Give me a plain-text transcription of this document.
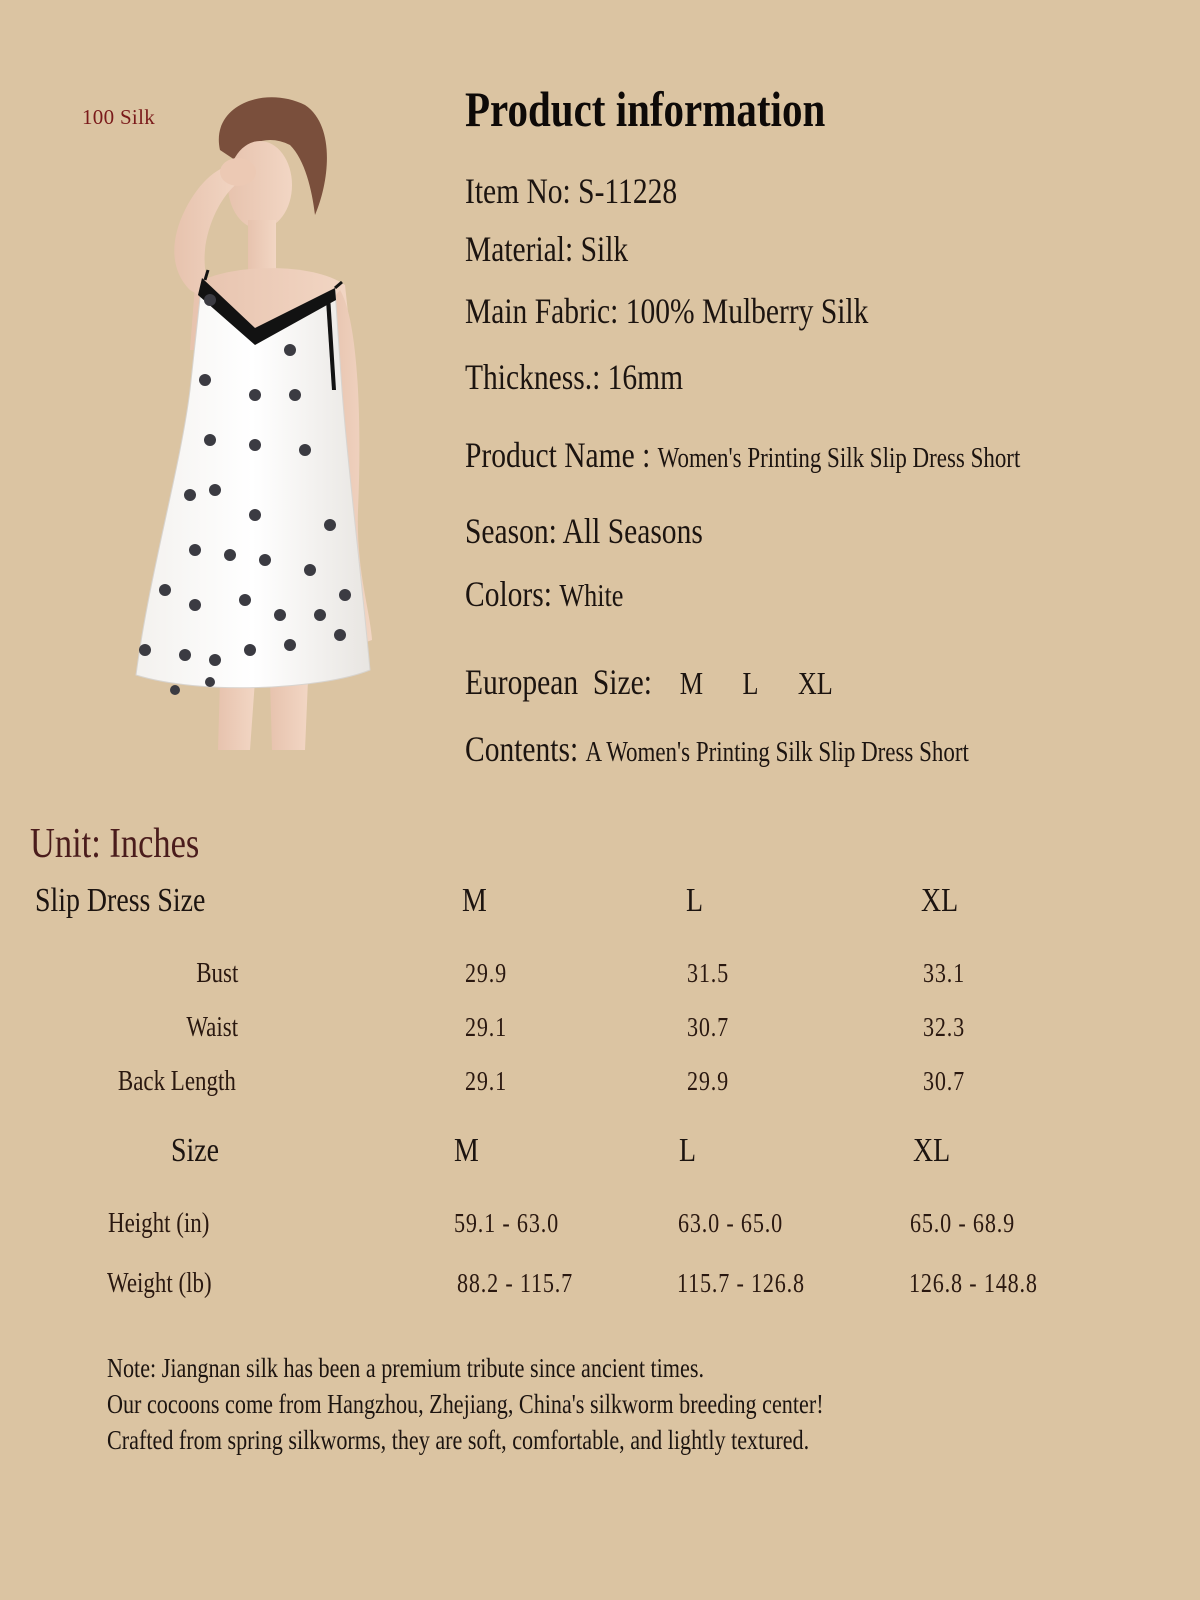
100 Silk	Product information
Item No: S-11228
Material: Silk
Main Fabric: 100% Mulberry Silk
Thickness.: 16mm
Product Name : Women's Printing Silk Slip Dress Short
Season: All Seasons
Colors: White
European  Size: M L XL
Contents: A Women's Printing Silk Slip Dress Short
Unit: Inches
Slip Dress Size	M	L	XL
Bust	29.9	31.5	33.1
Waist	29.1	30.7	32.3
Back Length	29.1	29.9	30.7
Size	M	L	XL
Height (in)	59.1 - 63.0	63.0 - 65.0	65.0 - 68.9
Weight (lb)	88.2 - 115.7	115.7 - 126.8	126.8 - 148.8
Note: Jiangnan silk has been a premium tribute since ancient times.
Our cocoons come from Hangzhou, Zhejiang, China's silkworm breeding center!
Crafted from spring silkworms, they are soft, comfortable, and lightly textured.
